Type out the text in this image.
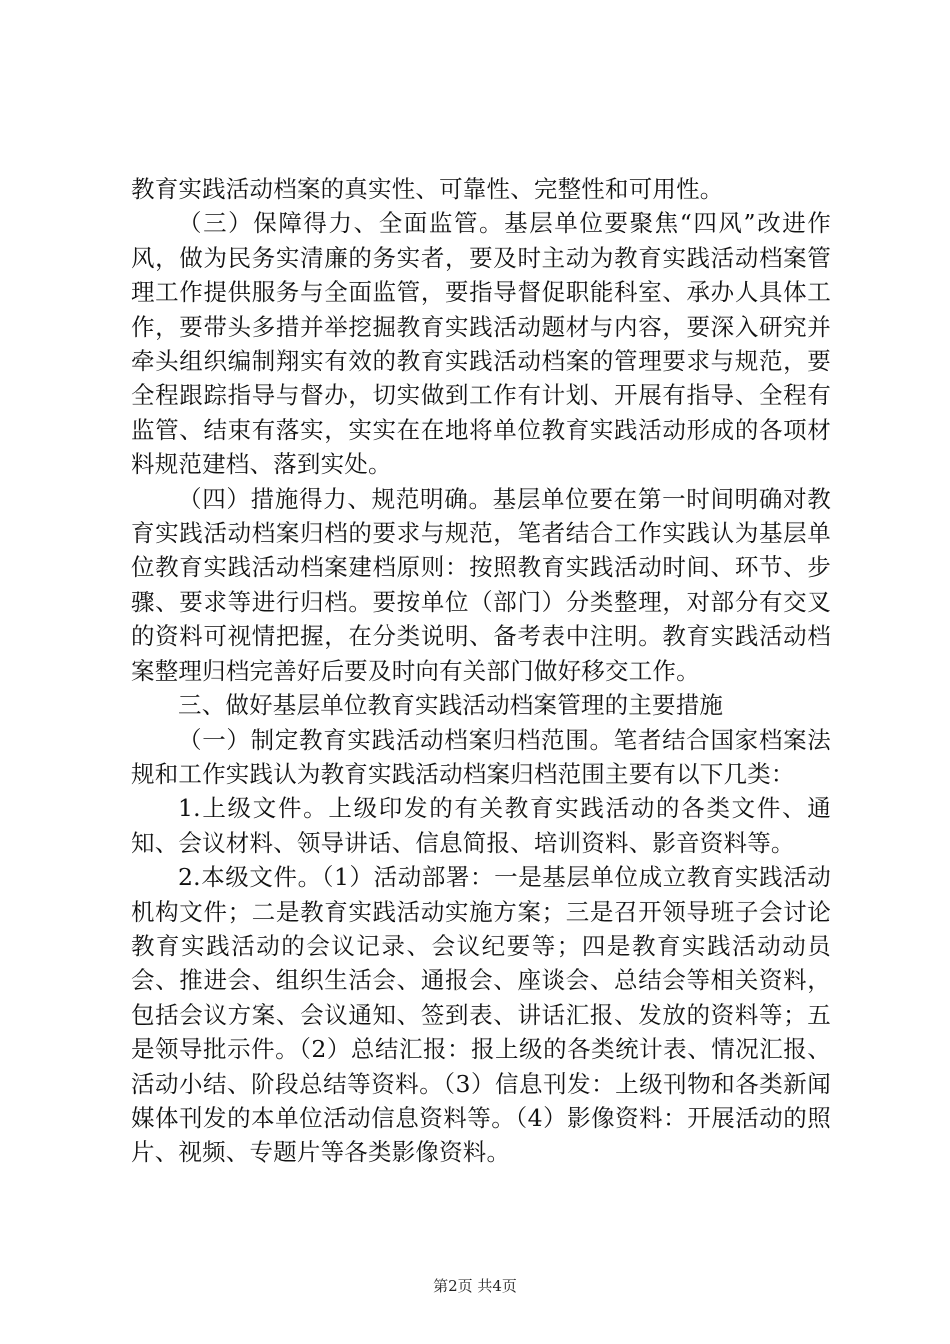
教育实践活动档案的真实性、可靠性、完整性和可用性。

（三）保障得力、全面监管。基层单位要聚焦“四风”改进作风，做为民务实清廉的务实者，要及时主动为教育实践活动档案管理工作提供服务与全面监管，要指导督促职能科室、承办人具体工作，要带头多措并举挖掘教育实践活动题材与内容，要深入研究并牵头组织编制翔实有效的教育实践活动档案的管理要求与规范，要全程跟踪指导与督办，切实做到工作有计划、开展有指导、全程有监管、结束有落实，实实在在地将单位教育实践活动形成的各项材料规范建档、落到实处。

（四）措施得力、规范明确。基层单位要在第一时间明确对教育实践活动档案归档的要求与规范，笔者结合工作实践认为基层单位教育实践活动档案建档原则：按照教育实践活动时间、环节、步骤、要求等进行归档。要按单位（部门）分类整理，对部分有交叉的资料可视情把握，在分类说明、备考表中注明。教育实践活动档案整理归档完善好后要及时向有关部门做好移交工作。

三、做好基层单位教育实践活动档案管理的主要措施

（一）制定教育实践活动档案归档范围。笔者结合国家档案法规和工作实践认为教育实践活动档案归档范围主要有以下几类：

1.上级文件。上级印发的有关教育实践活动的各类文件、通知、会议材料、领导讲话、信息简报、培训资料、影音资料等。

2.本级文件。（1）活动部署：一是基层单位成立教育实践活动机构文件；二是教育实践活动实施方案；三是召开领导班子会讨论教育实践活动的会议记录、会议纪要等；四是教育实践活动动员会、推进会、组织生活会、通报会、座谈会、总结会等相关资料，包括会议方案、会议通知、签到表、讲话汇报、发放的资料等；五是领导批示件。（2）总结汇报：报上级的各类统计表、情况汇报、活动小结、阶段总结等资料。（3）信息刊发：上级刊物和各类新闻媒体刊发的本单位活动信息资料等。（4）影像资料：开展活动的照片、视频、专题片等各类影像资料。

第2页 共4页
